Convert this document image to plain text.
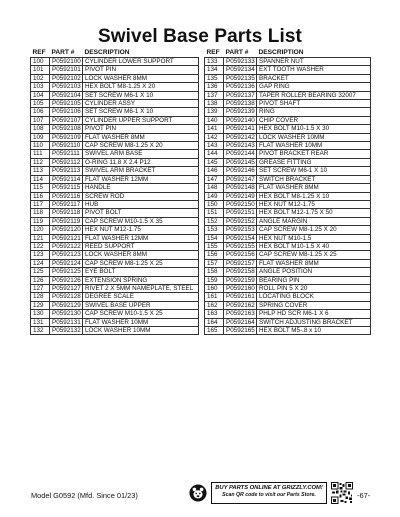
Swivel Base Parts List
REF	PART #	DESCRIPTION
100	P0592100	CYLINDER LOWER SUPPORT
101	P0592101	PIVOT PIN
102	P0592102	LOCK WASHER 8MM
103	P0592103	HEX BOLT M8-1.25 X 20
104	P0592104	SET SCREW M6-1 X 10
105	P0592105	CYLINDER ASSY
106	P0592106	SET SCREW M6-1 X 10
107	P0592107	CYLINDER UPPER SUPPORT
108	P0592108	PIVOT PIN
109	P0592109	FLAT WASHER 8MM
110	P0592110	CAP SCREW M8-1.25 X 20
111	P0592111	SWIVEL ARM BASE
112	P0592112	O-RING 11.8 X 2.4 P12
113	P0592113	SWIVEL ARM BRACKET
114	P0592114	FLAT WASHER 12MM
115	P0592115	HANDLE
116	P0592116	SCREW ROD
117	P0592117	HUB
118	P0592118	PIVOT BOLT
119	P0592119	CAP SCREW M10-1.5 X 35
120	P0592120	HEX NUT M12-1.75
121	P0592121	FLAT WASHER 12MM
122	P0592122	REED SUPPORT
123	P0592123	LOCK WASHER 8MM
124	P0592124	CAP SCREW M8-1.25 X 25
125	P0592125	EYE BOLT
126	P0592126	EXTENSION SPRING
127	P0592127	RIVET 2 X 5MM NAMEPLATE, STEEL
128	P0592128	DEGREE SCALE
129	P0592129	SWIVEL BASE UPPER
130	P0592130	CAP SCREW M10-1.5 X 25
131	P0592131	FLAT WASHER 10MM
132	P0592132	LOCK WASHER 10MM
REF	PART #	DESCRIPTION
133	P0592133	SPANNER NUT
134	P0592134	EXT TOOTH WASHER
135	P0592135	BRACKET
136	P0592136	GAP RING
137	P0592137	TAPER ROLLER BEARING 32007
138	P0592138	PIVOT SHAFT
139	P0592139	RING
140	P0592140	CHIP COVER
141	P0592141	HEX BOLT M10-1.5 X 30
142	P0592142	LOCK WASHER 10MM
143	P0592143	FLAT WASHER 10MM
144	P0592144	PIVOT BRACKET REAR
145	P0592145	GREASE FITTING
146	P0592146	SET SCREW M6-1 X 10
147	P0592147	SWITCH BRACKET
148	P0592148	FLAT WASHER 8MM
149	P0592149	HEX BOLT M8-1.25 X 10
150	P0592150	HEX NUT M12-1.75
151	P0592151	HEX BOLT M12-1.75 X 50
152	P0592152	ANGLE MARGIN
153	P0592153	CAP SCREW M8-1.25 X 20
154	P0592154	HEX NUT M10-1.5
155	P0592155	HEX BOLT M10-1.5 X 40
156	P0592156	CAP SCREW M8-1.25 X 25
157	P0592157	FLAT WASHER 8MM
158	P0592158	ANGLE POSITION
159	P0592159	BEARING PIN
160	P0592160	ROLL PIN 5 X 20
161	P0592161	LOCATING BLOCK
162	P0592162	SPRING COVER
163	P0592163	PHLP HD SCR M6-1 X 6
164	P0592164	SWITCH ADJUSTING BRACKET
165	P0592165	HEX BOLT M5-.8 x 10
Model G0592 (Mfd. Since 01/23)
BUY PARTS ONLINE AT GRIZZLY.COM!
Scan QR code to visit our Parts Store.	-67-
